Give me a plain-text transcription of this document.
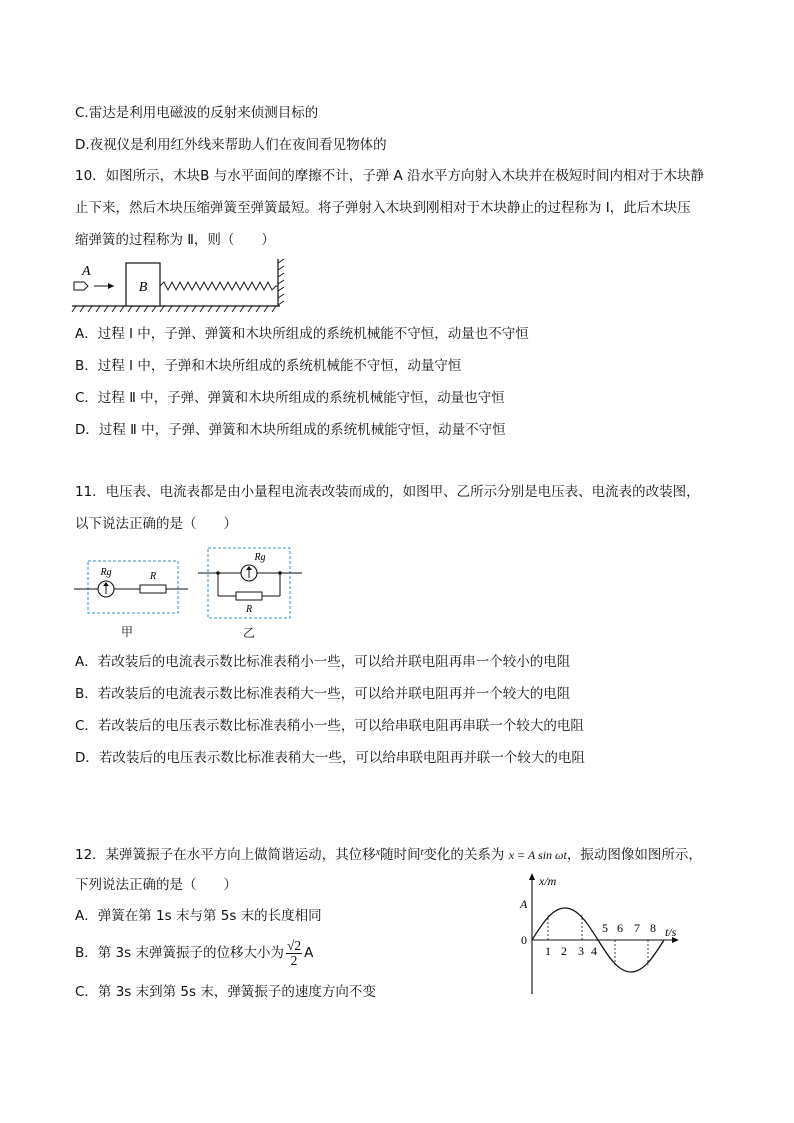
C.雷达是利用电磁波的反射来侦测目标的
D.夜视仪是利用红外线来帮助人们在夜间看见物体的
10．如图所示，木块B 与水平面间的摩擦不计，子弹 A 沿水平方向射入木块并在极短时间内相对于木块静
止下来，然后木块压缩弹簧至弹簧最短。将子弹射入木块到刚相对于木块静止的过程称为 Ⅰ，此后木块压
缩弹簧的过程称为 Ⅱ，则（　　）
B
A
A．过程 Ⅰ 中，子弹、弹簧和木块所组成的系统机械能不守恒，动量也不守恒
B．过程 Ⅰ 中，子弹和木块所组成的系统机械能不守恒，动量守恒
C．过程 Ⅱ 中，子弹、弹簧和木块所组成的系统机械能守恒，动量也守恒
D．过程 Ⅱ 中，子弹、弹簧和木块所组成的系统机械能守恒，动量不守恒
11．电压表、电流表都是由小量程电流表改装而成的，如图甲、乙所示分别是电压表、电流表的改装图，
以下说法正确的是（　　）
Rg	R
甲
Rg
R
乙
A．若改装后的电流表示数比标准表稍小一些，可以给并联电阻再串一个较小的电阻
B．若改装后的电流表示数比标准表稍大一些，可以给并联电阻再并一个较大的电阻
C．若改装后的电压表示数比标准表稍小一些，可以给串联电阻再串联一个较大的电阻
D．若改装后的电压表示数比标准表稍大一些，可以给串联电阻再并联一个较大的电阻
12．某弹簧振子在水平方向上做简谐运动，其位移$^x$随时间$^t$变化的关系为 x = A sin ωt，振动图像如图所示，
下列说法正确的是（　　）
A．弹簧在第 1s 末与第 5s 末的长度相同
B．第 3s 末弹簧振子的位移大小为 $\frac{√2}{2}$ A
C．第 3s 末到第 5s 末，弹簧振子的速度方向不变
x/m
t/s
A
0
1 2 3 4
5 6 7 8
